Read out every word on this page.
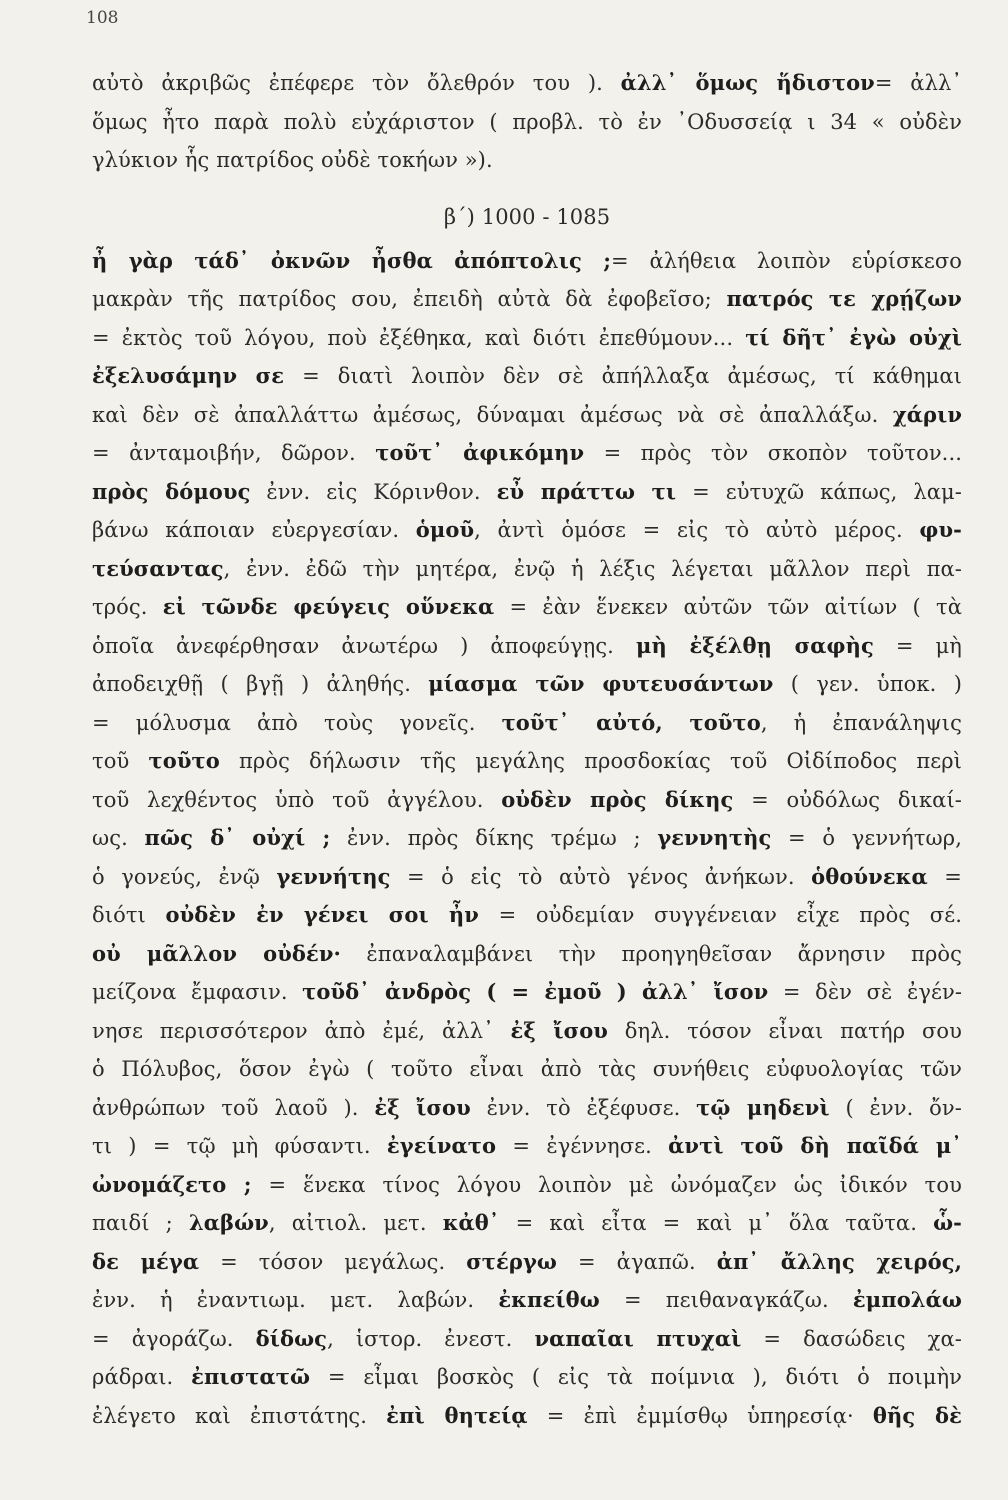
108
αὐτὸ ἀκριβῶς ἐπέφερε τὸν ὄλεθρόν του ). ἀλλ᾽ ὅμως ἥδιστον= ἀλλ᾽
ὅμως ἦτο παρὰ πολὺ εὐχάριστον ( προβλ. τὸ ἐν ᾽Οδυσσείᾳ ι 34 « οὐδὲν
γλύκιον ἧς πατρίδος οὐδὲ τοκήων »).
β΄) 1000 - 1085
ἦ γὰρ τάδ᾽ ὀκνῶν ἦσθα ἀπόπτολις ;= ἀλήθεια λοιπὸν εὑρίσκεσο
μακρὰν τῆς πατρίδος σου, ἐπειδὴ αὐτὰ δὰ ἐφοβεῖσο; πατρός τε χρῄζων
= ἐκτὸς τοῦ λόγου, ποὺ ἐξέθηκα, καὶ διότι ἐπεθύμουν... τί δῆτ᾽ ἐγὼ οὐχὶ
ἐξελυσάμην σε = διατὶ λοιπὸν δὲν σὲ ἀπήλλαξα ἀμέσως, τί κάθημαι
καὶ δὲν σὲ ἀπαλλάττω ἀμέσως, δύναμαι ἀμέσως νὰ σὲ ἀπαλλάξω. χάριν
= ἀνταμοιβήν, δῶρον. τοῦτ᾽ ἀφικόμην = πρὸς τὸν σκοπὸν τοῦτον...
πρὸς δόμους ἐνν. εἰς Κόρινθον. εὖ πράττω τι = εὐτυχῶ κάπως, λαμ-
βάνω κάποιαν εὐεργεσίαν. ὁμοῦ, ἀντὶ ὁμόσε = εἰς τὸ αὐτὸ μέρος. φυ-
τεύσαντας, ἐνν. ἐδῶ τὴν μητέρα, ἐνῷ ἡ λέξις λέγεται μᾶλλον περὶ πα-
τρός. εἰ τῶνδε φεύγεις οὕνεκα = ἐὰν ἕνεκεν αὐτῶν τῶν αἰτίων ( τὰ
ὁποῖα ἀνεφέρθησαν ἀνωτέρω ) ἀποφεύγῃς. μὴ ἐξέλθῃ σαφὴς = μὴ
ἀποδειχθῇ ( βγῇ ) ἀληθής. μίασμα τῶν φυτευσάντων ( γεν. ὑποκ. )
= μόλυσμα ἀπὸ τοὺς γονεῖς. τοῦτ᾽ αὐτό, τοῦτο, ἡ ἐπανάληψις
τοῦ τοῦτο πρὸς δήλωσιν τῆς μεγάλης προσδοκίας τοῦ Οἰδίποδος περὶ
τοῦ λεχθέντος ὑπὸ τοῦ ἀγγέλου. οὐδὲν πρὸς δίκης = οὐδόλως δικαί-
ως. πῶς δ᾽ οὐχί ; ἐνν. πρὸς δίκης τρέμω ; γεννητὴς = ὁ γεννήτωρ,
ὁ γονεύς, ἐνῷ γεννήτης = ὁ εἰς τὸ αὐτὸ γένος ἀνήκων. ὁθούνεκα =
διότι οὐδὲν ἐν γένει σοι ἦν = οὐδεμίαν συγγένειαν εἶχε πρὸς σέ.
οὐ μᾶλλον οὐδέν· ἐπαναλαμβάνει τὴν προηγηθεῖσαν ἄρνησιν πρὸς
μείζονα ἔμφασιν. τοῦδ᾽ ἀνδρὸς ( = ἐμοῦ ) ἀλλ᾽ ἴσον = δὲν σὲ ἐγέν-
νησε περισσότερον ἀπὸ ἐμέ, ἀλλ᾽ ἐξ ἴσου δηλ. τόσον εἶναι πατήρ σου
ὁ Πόλυβος, ὅσον ἐγὼ ( τοῦτο εἶναι ἀπὸ τὰς συνήθεις εὐφυολογίας τῶν
ἀνθρώπων τοῦ λαοῦ ). ἐξ ἴσου ἐνν. τὸ ἐξέφυσε. τῷ μηδενὶ ( ἐνν. ὄν-
τι ) = τῷ μὴ φύσαντι. ἐγείνατο = ἐγέννησε. ἀντὶ τοῦ δὴ παῖδά μ᾽
ὠνομάζετο ; = ἕνεκα τίνος λόγου λοιπὸν μὲ ὠνόμαζεν ὡς ἰδικόν του
παιδί ; λαβών, αἰτιολ. μετ. κἀθ᾽ = καὶ εἶτα = καὶ μ᾽ ὅλα ταῦτα. ὧ-
δε μέγα = τόσον μεγάλως. στέργω = ἀγαπῶ. ἀπ᾽ ἄλλης χειρός,
ἐνν. ἡ ἐναντιωμ. μετ. λαβών. ἐκπείθω = πειθαναγκάζω. ἐμπολάω
= ἀγοράζω. δίδως, ἱστορ. ἐνεστ. ναπαῖαι πτυχαὶ = δασώδεις χα-
ράδραι. ἐπιστατῶ = εἶμαι βοσκὸς ( εἰς τὰ ποίμνια ), διότι ὁ ποιμὴν
ἐλέγετο καὶ ἐπιστάτης. ἐπὶ θητείᾳ = ἐπὶ ἐμμίσθῳ ὑπηρεσίᾳ· θῆς δὲ
